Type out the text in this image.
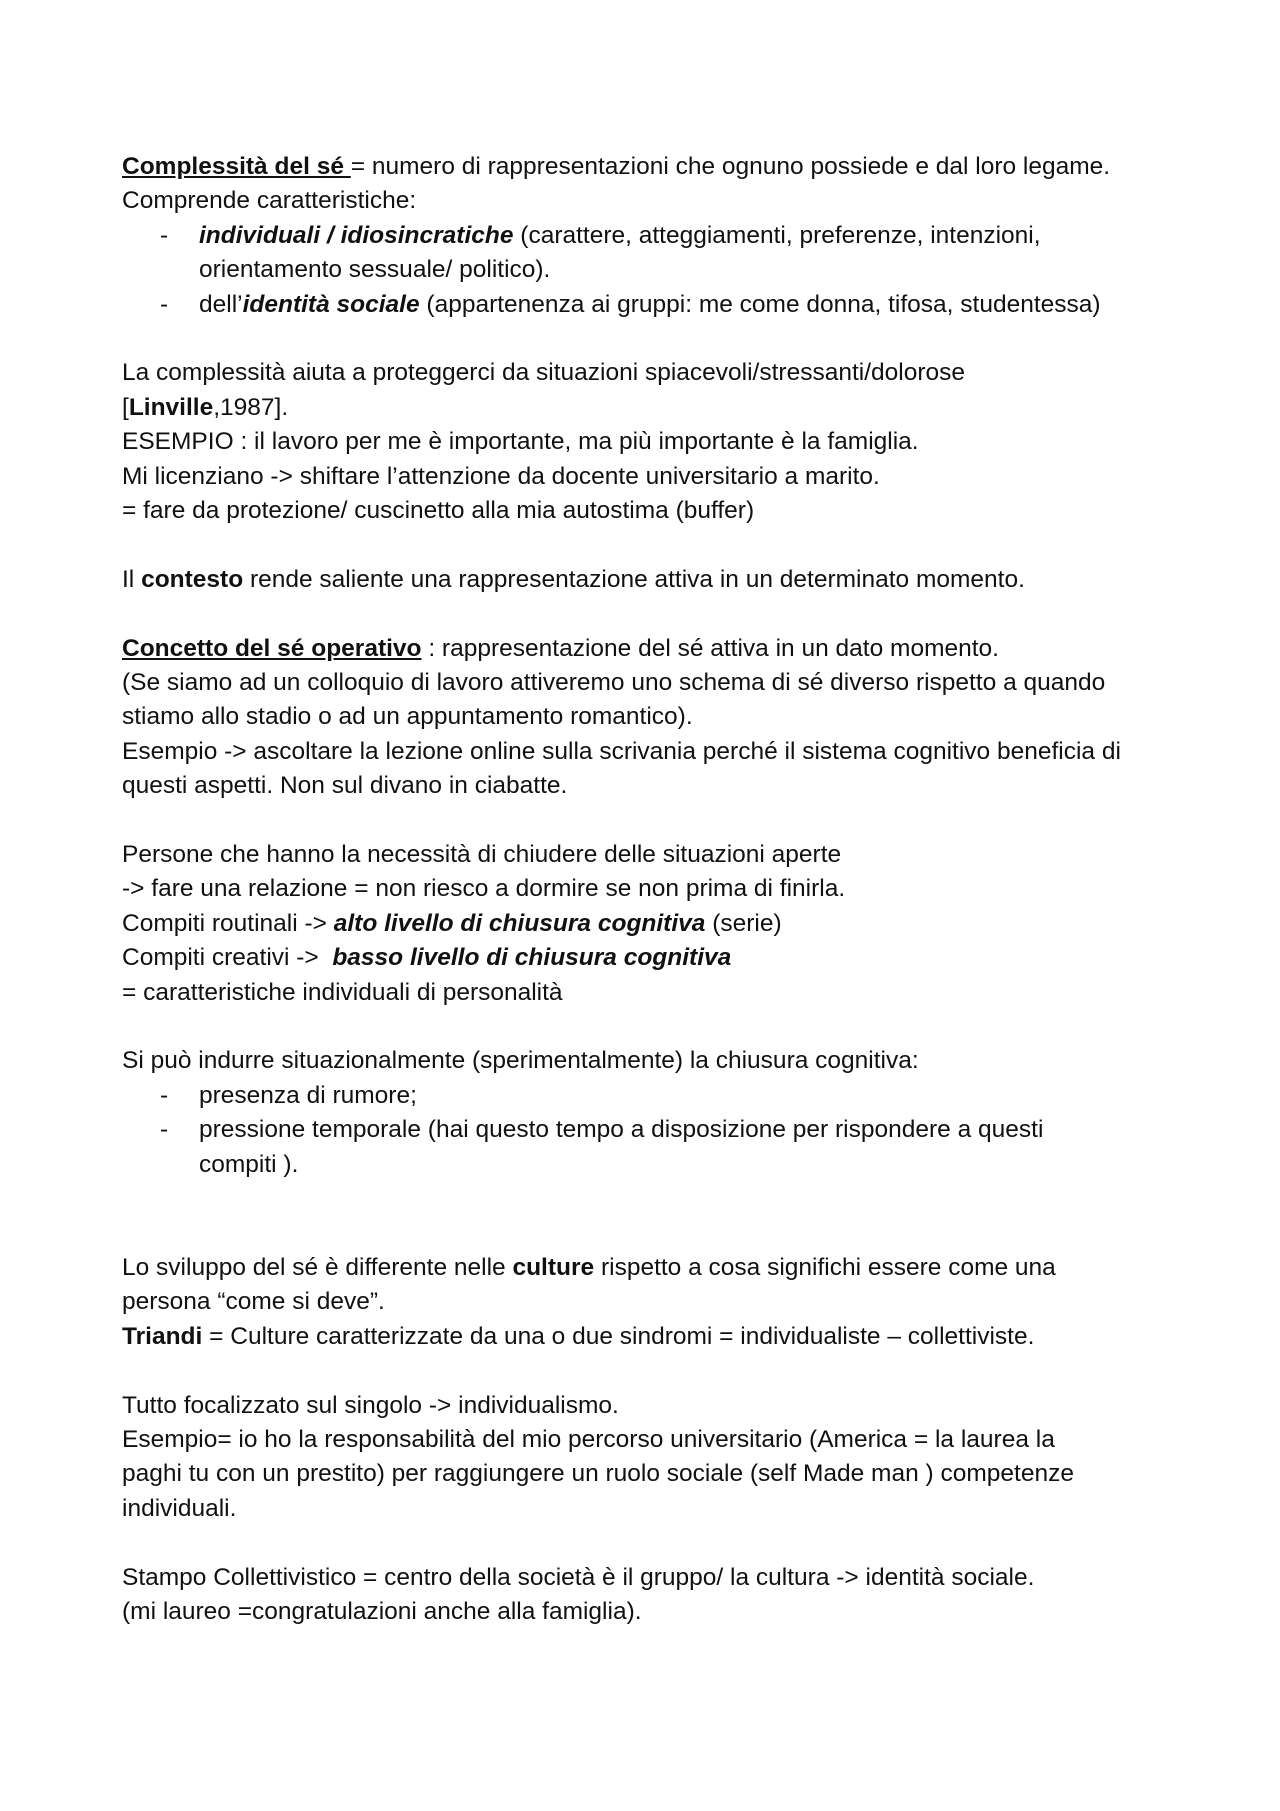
Complessità del sé = numero di rappresentazioni che ognuno possiede e dal loro legame.
Comprende caratteristiche:
-	individuali / idiosincratiche (carattere, atteggiamenti, preferenze, intenzioni,
orientamento sessuale/ politico).
-	dell’identità sociale (appartenenza ai gruppi: me come donna, tifosa, studentessa)
La complessità aiuta a proteggerci da situazioni spiacevoli/stressanti/dolorose
[Linville,1987].
ESEMPIO : il lavoro per me è importante, ma più importante è la famiglia.
Mi licenziano -> shiftare l’attenzione da docente universitario a marito.
= fare da protezione/ cuscinetto alla mia autostima (buffer)
Il contesto rende saliente una rappresentazione attiva in un determinato momento.
Concetto del sé operativo : rappresentazione del sé attiva in un dato momento.
(Se siamo ad un colloquio di lavoro attiveremo uno schema di sé diverso rispetto a quando
stiamo allo stadio o ad un appuntamento romantico).
Esempio -> ascoltare la lezione online sulla scrivania perché il sistema cognitivo beneficia di
questi aspetti. Non sul divano in ciabatte.
Persone che hanno la necessità di chiudere delle situazioni aperte
-> fare una relazione = non riesco a dormire se non prima di finirla.
Compiti routinali -> alto livello di chiusura cognitiva (serie)
Compiti creativi ->  basso livello di chiusura cognitiva
= caratteristiche individuali di personalità
Si può indurre situazionalmente (sperimentalmente) la chiusura cognitiva:
-	presenza di rumore;
-	pressione temporale (hai questo tempo a disposizione per rispondere a questi
compiti ).
Lo sviluppo del sé è differente nelle culture rispetto a cosa significhi essere come una
persona “come si deve”.
Triandi = Culture caratterizzate da una o due sindromi = individualiste – collettiviste.
Tutto focalizzato sul singolo -> individualismo.
Esempio= io ho la responsabilità del mio percorso universitario (America = la laurea la
paghi tu con un prestito) per raggiungere un ruolo sociale (self Made man ) competenze
individuali.
Stampo Collettivistico = centro della società è il gruppo/ la cultura -> identità sociale.
(mi laureo =congratulazioni anche alla famiglia).
